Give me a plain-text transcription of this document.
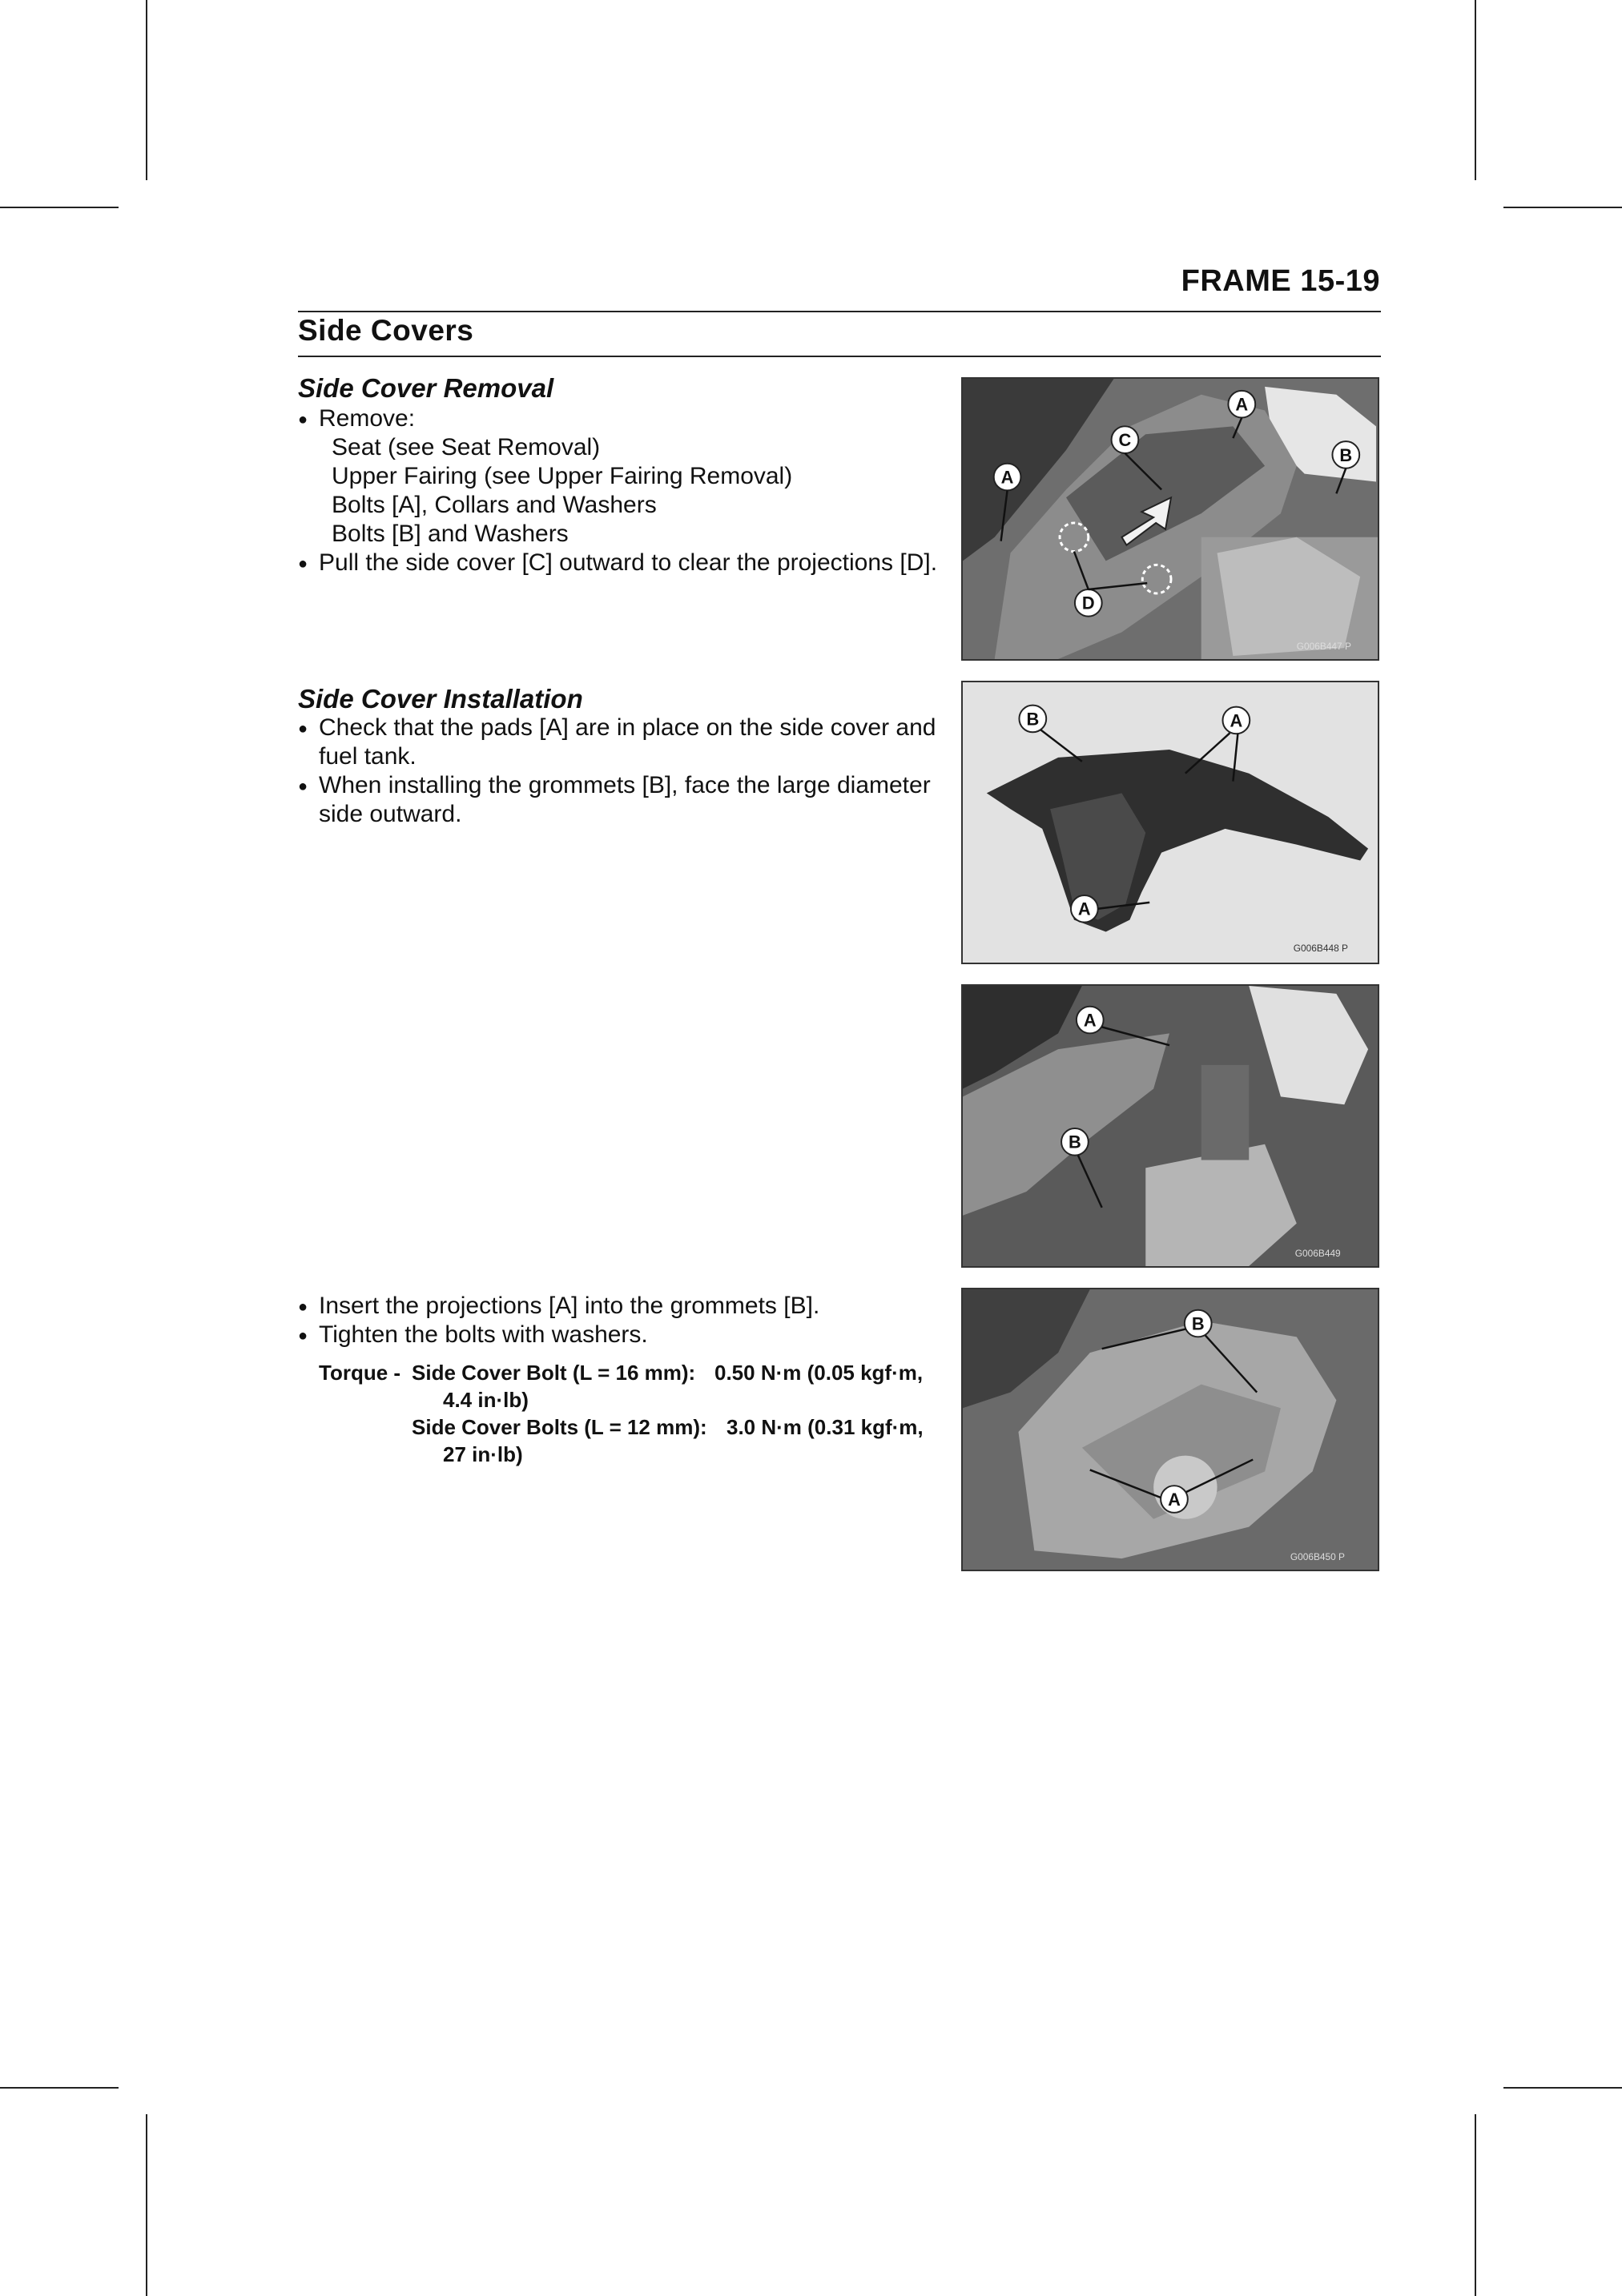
FRAME 15-19
Side Covers
Side Cover Removal
● Remove:
Seat (see Seat Removal)
Upper Fairing (see Upper Fairing Removal)
Bolts [A], Collars and Washers
Bolts [B] and Washers
● Pull the side cover [C] outward to clear the projections [D].
Side Cover Installation
● Check that the pads [A] are in place on the side cover and
fuel tank.
● When installing the grommets [B], face the large diameter
side outward.
● Insert the projections [A] into the grommets [B].
● Tighten the bolts with washers.
Torque - Side Cover Bolt (L = 16 mm): 0.50 N·m (0.05 kgf·m,
4.4 in·lb)
Side Cover Bolts (L = 12 mm): 3.0 N·m (0.31 kgf·m,
27 in·lb)
A
A
B
C
D
G006B447 P
A
A
B
G006B448 P
A
B
G006B449
A
B
G006B450 P
